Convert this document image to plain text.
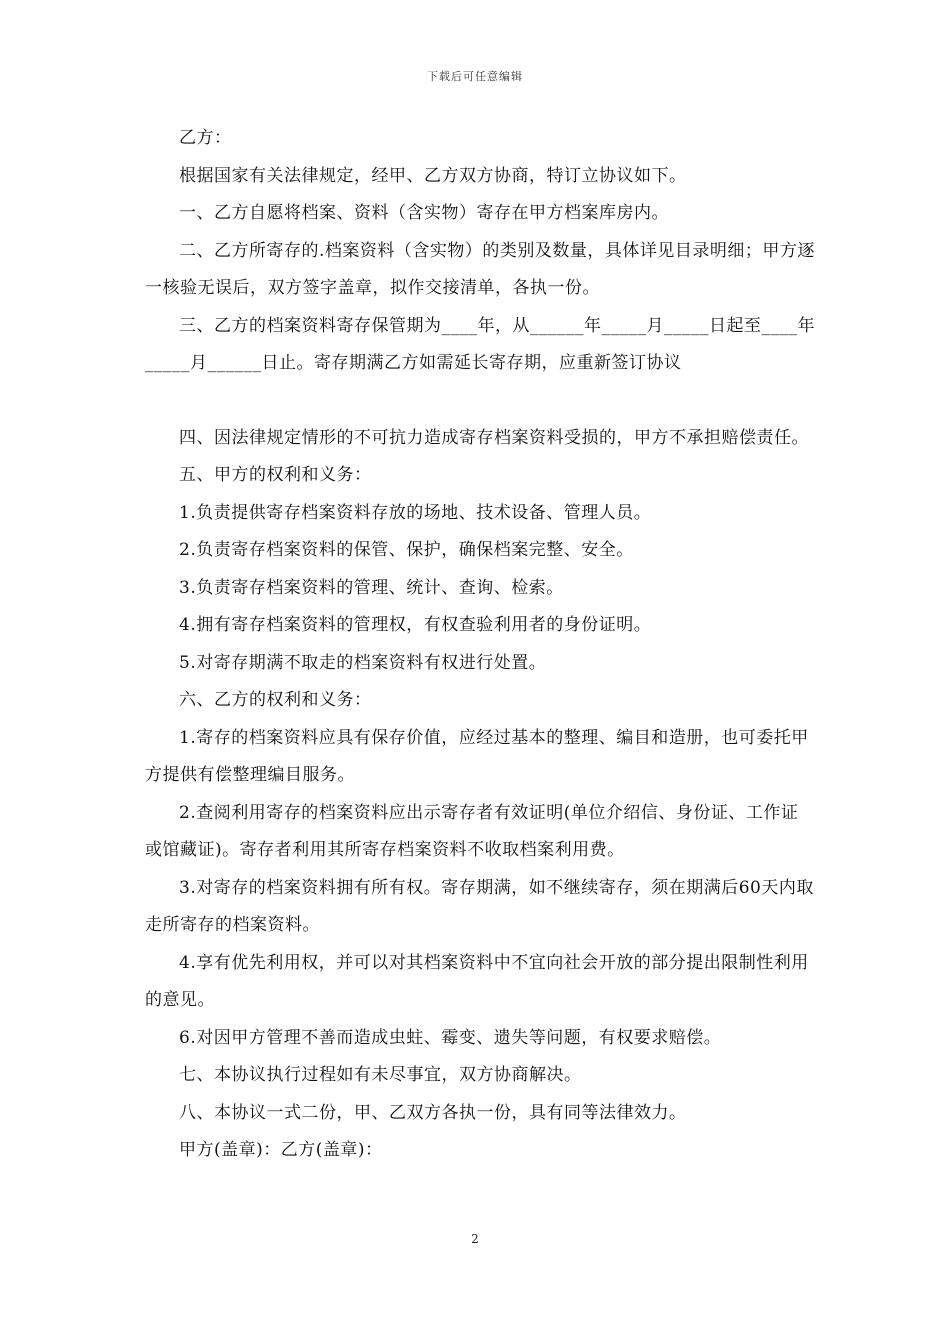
下载后可任意编辑

乙方：

根据国家有关法律规定，经甲、乙方双方协商，特订立协议如下。

一、乙方自愿将档案、资料（含实物）寄存在甲方档案库房内。

二、乙方所寄存的.档案资料（含实物）的类别及数量，具体详见目录明细；甲方逐一核验无误后，双方签字盖章，拟作交接清单，各执一份。

三、乙方的档案资料寄存保管期为____年，从______年_____月_____日起至____年_____月______日止。寄存期满乙方如需延长寄存期，应重新签订协议

四、因法律规定情形的不可抗力造成寄存档案资料受损的，甲方不承担赔偿责任。

五、甲方的权利和义务：

1.负责提供寄存档案资料存放的场地、技术设备、管理人员。

2.负责寄存档案资料的保管、保护，确保档案完整、安全。

3.负责寄存档案资料的管理、统计、查询、检索。

4.拥有寄存档案资料的管理权，有权查验利用者的身份证明。

5.对寄存期满不取走的档案资料有权进行处置。

六、乙方的权利和义务：

1.寄存的档案资料应具有保存价值，应经过基本的整理、编目和造册，也可委托甲方提供有偿整理编目服务。

2.查阅利用寄存的档案资料应出示寄存者有效证明(单位介绍信、身份证、工作证或馆藏证)。寄存者利用其所寄存档案资料不收取档案利用费。

3.对寄存的档案资料拥有所有权。寄存期满，如不继续寄存，须在期满后60天内取走所寄存的档案资料。

4.享有优先利用权，并可以对其档案资料中不宜向社会开放的部分提出限制性利用的意见。

6.对因甲方管理不善而造成虫蛀、霉变、遗失等问题，有权要求赔偿。

七、本协议执行过程如有未尽事宜，双方协商解决。

八、本协议一式二份，甲、乙双方各执一份，具有同等法律效力。

甲方(盖章)：乙方(盖章)：

2
